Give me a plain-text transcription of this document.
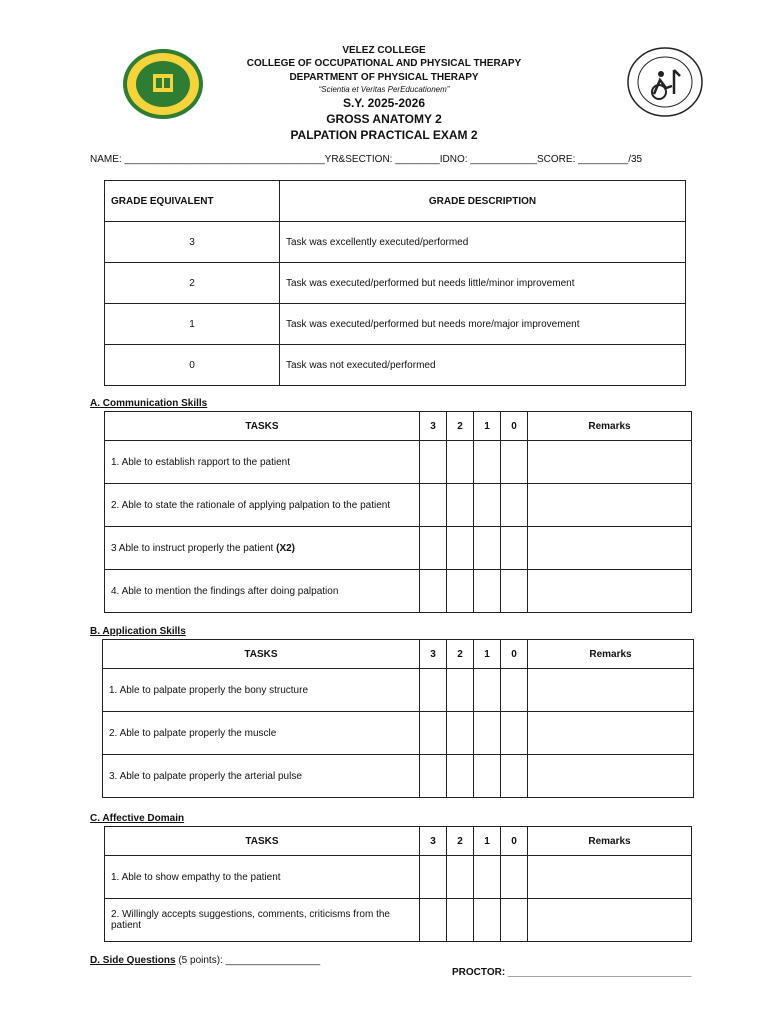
VELEZ COLLEGE
COLLEGE OF OCCUPATIONAL AND PHYSICAL THERAPY
DEPARTMENT OF PHYSICAL THERAPY
“Scientia et Veritas PerEducationem”
S.Y. 2025-2026
GROSS ANATOMY 2
PALPATION PRACTICAL EXAM 2
NAME: ____________________________________YR&SECTION: ________IDNO: ____________SCORE: _________/35
GRADE EQUIVALENT	GRADE DESCRIPTION
3	Task was excellently executed/performed
2	Task was executed/performed but needs little/minor improvement
1	Task was executed/performed but needs more/major improvement
0	Task was not executed/performed
A. Communication Skills
TASKS	3	2	1	0	Remarks
1. Able to establish rapport to the patient					
2. Able to state the rationale of applying palpation to the patient					
3 Able to instruct properly the patient (X2)					
4. Able to mention the findings after doing palpation					
B. Application Skills
TASKS	3	2	1	0	Remarks
1. Able to palpate properly the bony structure					
2. Able to palpate properly the muscle					
3. Able to palpate properly the arterial pulse					
C. Affective Domain
TASKS	3	2	1	0	Remarks
1. Able to show empathy to the patient					
2. Willingly accepts suggestions, comments, criticisms from the patient					
D. Side Questions (5 points): _________________
PROCTOR: _________________________________
